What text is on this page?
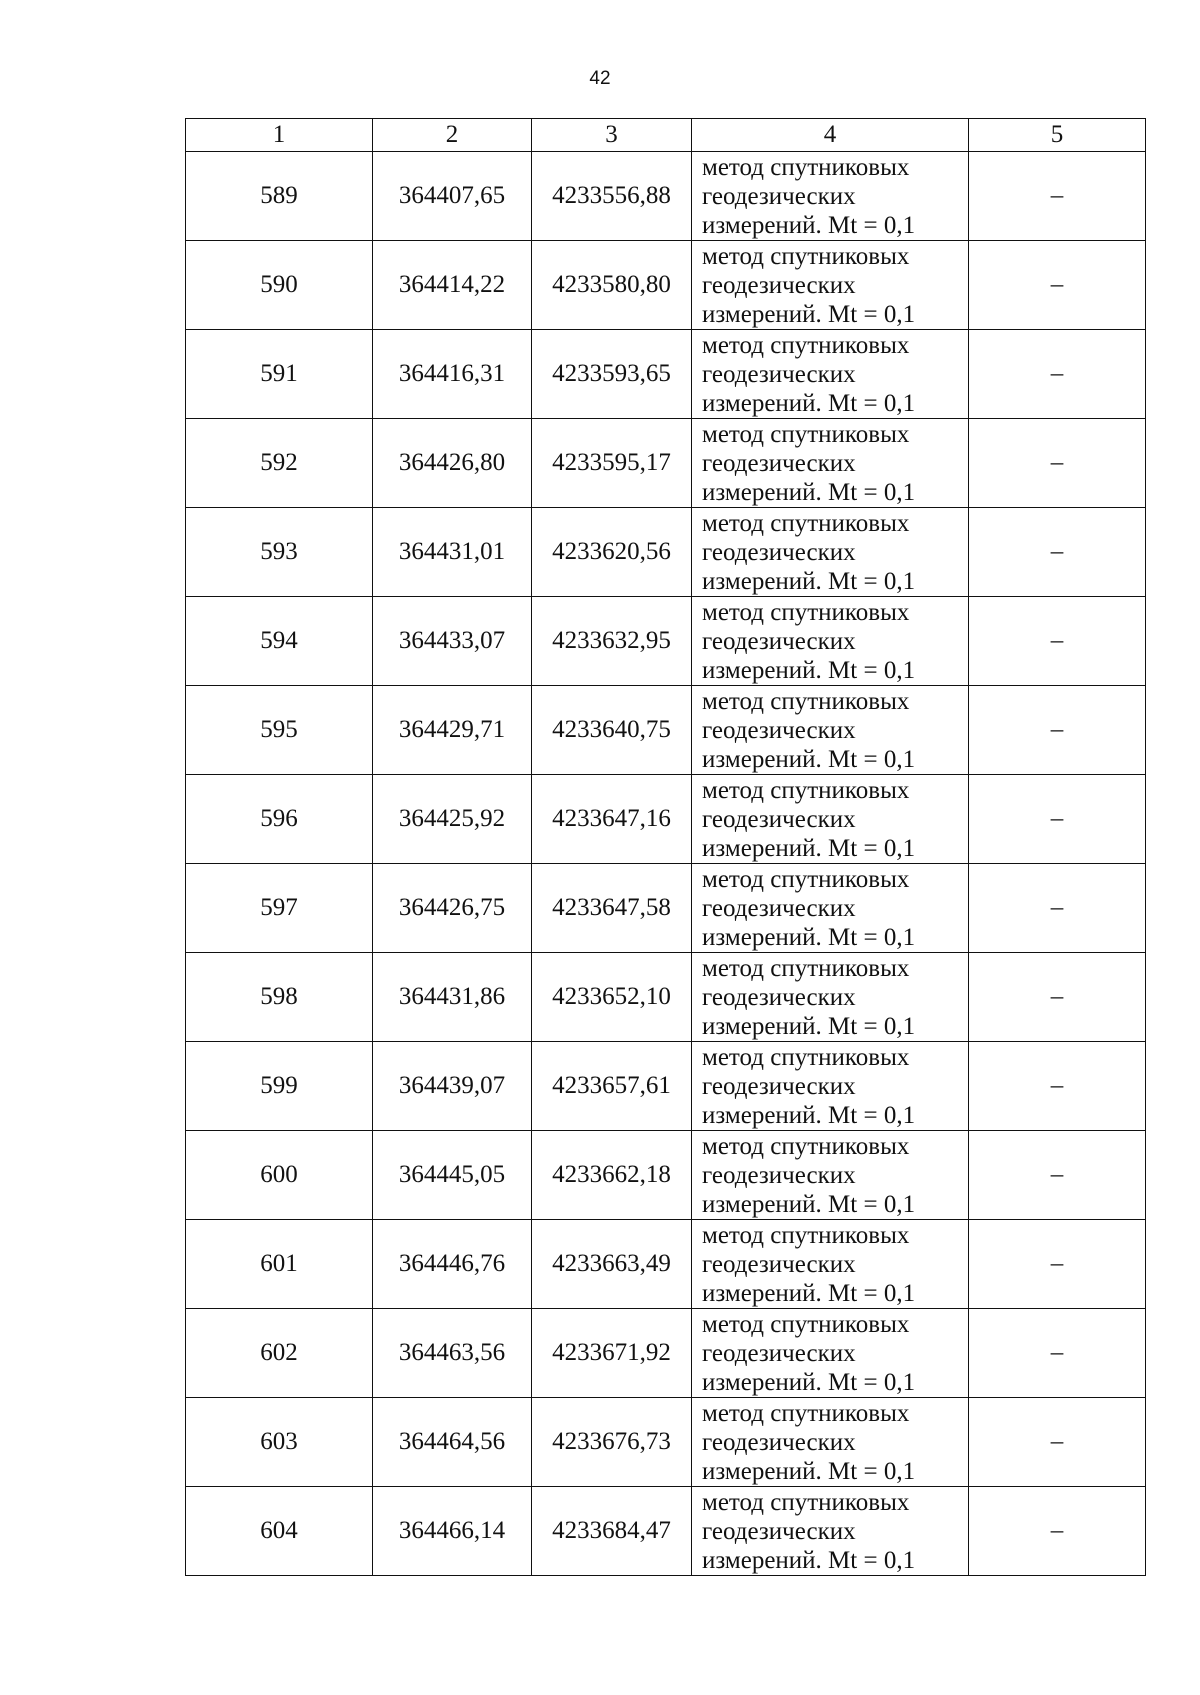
42
1	2	3	4	5
589	364407,65	4233556,88	метод спутниковых
геодезических
измерений. Mt = 0,1	–
590	364414,22	4233580,80	метод спутниковых
геодезических
измерений. Mt = 0,1	–
591	364416,31	4233593,65	метод спутниковых
геодезических
измерений. Mt = 0,1	–
592	364426,80	4233595,17	метод спутниковых
геодезических
измерений. Mt = 0,1	–
593	364431,01	4233620,56	метод спутниковых
геодезических
измерений. Mt = 0,1	–
594	364433,07	4233632,95	метод спутниковых
геодезических
измерений. Mt = 0,1	–
595	364429,71	4233640,75	метод спутниковых
геодезических
измерений. Mt = 0,1	–
596	364425,92	4233647,16	метод спутниковых
геодезических
измерений. Mt = 0,1	–
597	364426,75	4233647,58	метод спутниковых
геодезических
измерений. Mt = 0,1	–
598	364431,86	4233652,10	метод спутниковых
геодезических
измерений. Mt = 0,1	–
599	364439,07	4233657,61	метод спутниковых
геодезических
измерений. Mt = 0,1	–
600	364445,05	4233662,18	метод спутниковых
геодезических
измерений. Mt = 0,1	–
601	364446,76	4233663,49	метод спутниковых
геодезических
измерений. Mt = 0,1	–
602	364463,56	4233671,92	метод спутниковых
геодезических
измерений. Mt = 0,1	–
603	364464,56	4233676,73	метод спутниковых
геодезических
измерений. Mt = 0,1	–
604	364466,14	4233684,47	метод спутниковых
геодезических
измерений. Mt = 0,1	–
